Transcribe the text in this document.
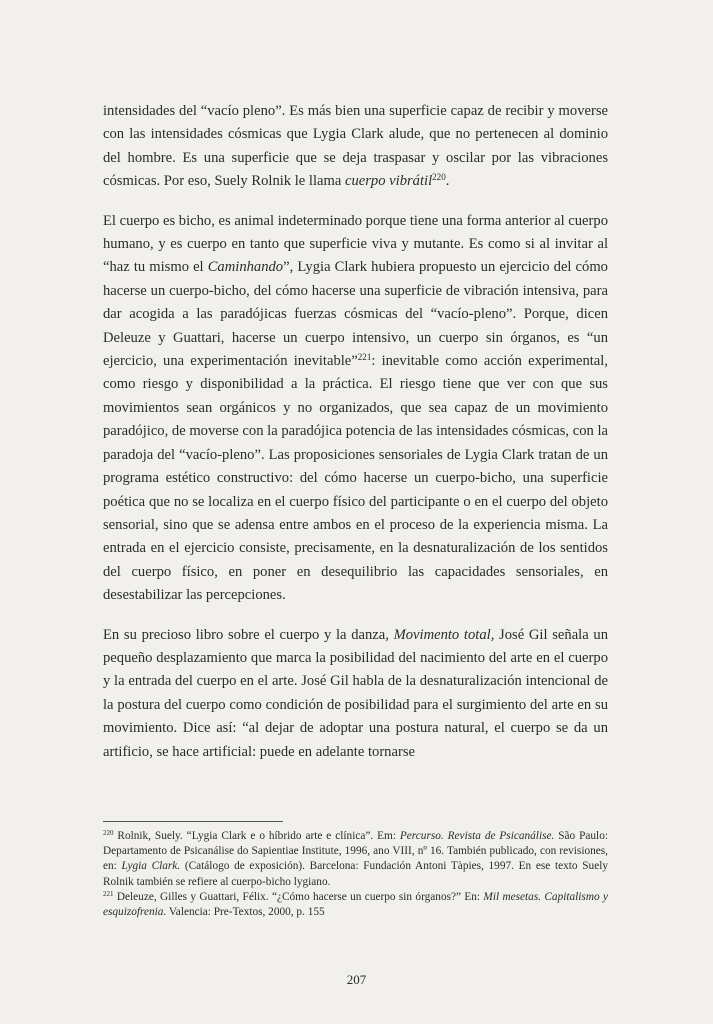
intensidades del “vacío pleno”. Es más bien una superficie capaz de recibir y moverse con las intensidades cósmicas que Lygia Clark alude, que no pertenecen al dominio del hombre. Es una superficie que se deja traspasar y oscilar por las vibraciones cósmicas. Por eso, Suely Rolnik le llama cuerpo vibrátil$^{220}$.

El cuerpo es bicho, es animal indeterminado porque tiene una forma anterior al cuerpo humano, y es cuerpo en tanto que superficie viva y mutante. Es como si al invitar al “haz tu mismo el Caminhando”, Lygia Clark hubiera propuesto un ejercicio del cómo hacerse un cuerpo-bicho, del cómo hacerse una superficie de vibración intensiva, para dar acogida a las paradójicas fuerzas cósmicas del “vacío-pleno”. Porque, dicen Deleuze y Guattari, hacerse un cuerpo intensivo, un cuerpo sin órganos, es “un ejercicio, una experimentación inevitable”$^{221}$: inevitable como acción experimental, como riesgo y disponibilidad a la práctica. El riesgo tiene que ver con que sus movimientos sean orgánicos y no organizados, que sea capaz de un movimiento paradójico, de moverse con la paradójica potencia de las intensidades cósmicas, con la paradoja del “vacío-pleno”. Las proposiciones sensoriales de Lygia Clark tratan de un programa estético constructivo: del cómo hacerse un cuerpo-bicho, una superficie poética que no se localiza en el cuerpo físico del participante o en el cuerpo del objeto sensorial, sino que se adensa entre ambos en el proceso de la experiencia misma. La entrada en el ejercicio consiste, precisamente, en la desnaturalización de los sentidos del cuerpo físico, en poner en desequilibrio las capacidades sensoriales, en desestabilizar las percepciones.

En su precioso libro sobre el cuerpo y la danza, Movimento total, José Gil señala un pequeño desplazamiento que marca la posibilidad del nacimiento del arte en el cuerpo y la entrada del cuerpo en el arte. José Gil habla de la desnaturalización intencional de la postura del cuerpo como condición de posibilidad para el surgimiento del arte en su movimiento. Dice así: “al dejar de adoptar una postura natural, el cuerpo se da un artificio, se hace artificial: puede en adelante tornarse

$^{220}$ Rolnik, Suely. “Lygia Clark e o híbrido arte e clínica”. Em: Percurso. Revista de Psicanálise. São Paulo: Departamento de Psicanálise do Sapientiae Institute, 1996, ano VIII, nº 16. También publicado, con revisiones, en: Lygia Clark. (Catálogo de exposición). Barcelona: Fundación Antoni Tàpies, 1997. En ese texto Suely Rolnik también se refiere al cuerpo-bicho lygiano.

$^{221}$ Deleuze, Gilles y Guattari, Félix. “¿Cómo hacerse un cuerpo sin órganos?” En: Mil mesetas. Capitalismo y esquizofrenia. Valencia: Pre-Textos, 2000, p. 155

207
